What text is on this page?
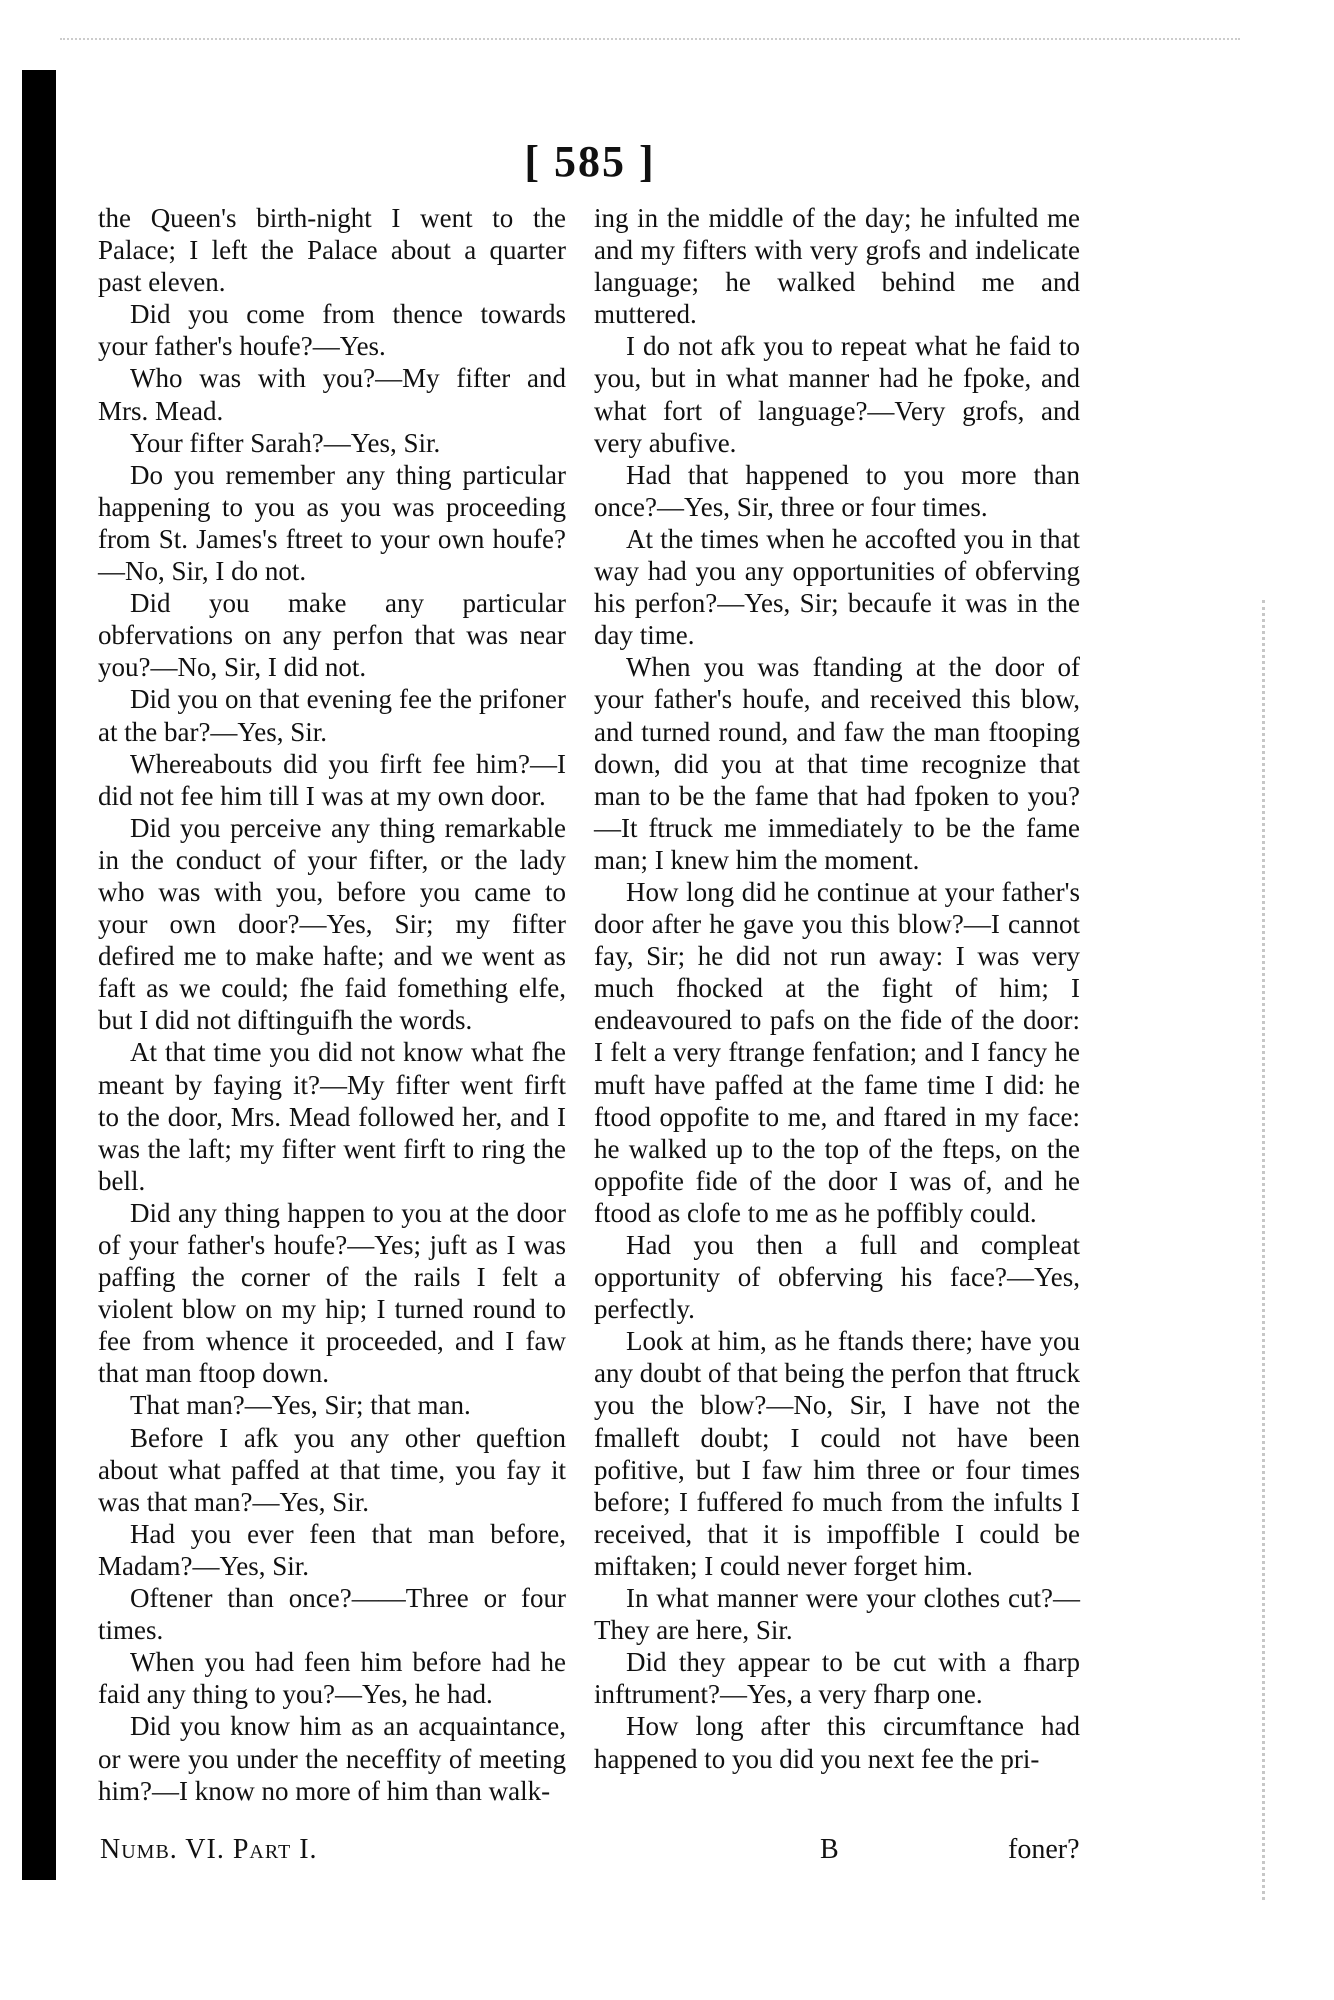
[ 585 ]

the Queen's birth-night I went to the Palace; I left the Palace about a quarter past eleven.

Did you come from thence towards your father's houfe?—Yes.

Who was with you?—My fifter and Mrs. Mead.

Your fifter Sarah?—Yes, Sir.

Do you remember any thing particular happening to you as you was proceeding from St. James's ftreet to your own houfe?—No, Sir, I do not.

Did you make any particular obfervations on any perfon that was near you?—No, Sir, I did not.

Did you on that evening fee the prifoner at the bar?—Yes, Sir.

Whereabouts did you firft fee him?—I did not fee him till I was at my own door.

Did you perceive any thing remarkable in the conduct of your fifter, or the lady who was with you, before you came to your own door?—Yes, Sir; my fifter defired me to make hafte; and we went as faft as we could; fhe faid fomething elfe, but I did not diftinguifh the words.

At that time you did not know what fhe meant by faying it?—My fifter went firft to the door, Mrs. Mead followed her, and I was the laft; my fifter went firft to ring the bell.

Did any thing happen to you at the door of your father's houfe?—Yes; juft as I was paffing the corner of the rails I felt a violent blow on my hip; I turned round to fee from whence it proceeded, and I faw that man ftoop down.

That man?—Yes, Sir; that man.

Before I afk you any other queftion about what paffed at that time, you fay it was that man?—Yes, Sir.

Had you ever feen that man before, Madam?—Yes, Sir.

Oftener than once?——Three or four times.

When you had feen him before had he faid any thing to you?—Yes, he had.

Did you know him as an acquaintance, or were you under the neceffity of meeting him?—I know no more of him than walk-

ing in the middle of the day; he infulted me and my fifters with very grofs and indelicate language; he walked behind me and muttered.

I do not afk you to repeat what he faid to you, but in what manner had he fpoke, and what fort of language?—Very grofs, and very abufive.

Had that happened to you more than once?—Yes, Sir, three or four times.

At the times when he accofted you in that way had you any opportunities of obferving his perfon?—Yes, Sir; becaufe it was in the day time.

When you was ftanding at the door of your father's houfe, and received this blow, and turned round, and faw the man ftooping down, did you at that time recognize that man to be the fame that had fpoken to you?—It ftruck me immediately to be the fame man; I knew him the moment.

How long did he continue at your father's door after he gave you this blow?—I cannot fay, Sir; he did not run away: I was very much fhocked at the fight of him; I endeavoured to pafs on the fide of the door: I felt a very ftrange fenfation; and I fancy he muft have paffed at the fame time I did: he ftood oppofite to me, and ftared in my face: he walked up to the top of the fteps, on the oppofite fide of the door I was of, and he ftood as clofe to me as he poffibly could.

Had you then a full and compleat opportunity of obferving his face?—Yes, perfectly.

Look at him, as he ftands there; have you any doubt of that being the perfon that ftruck you the blow?—No, Sir, I have not the fmalleft doubt; I could not have been pofitive, but I faw him three or four times before; I fuffered fo much from the infults I received, that it is impoffible I could be miftaken; I could never forget him.

In what manner were your clothes cut?—They are here, Sir.

Did they appear to be cut with a fharp inftrument?—Yes, a very fharp one.

How long after this circumftance had happened to you did you next fee the pri-

Numb. VI. Part I.	B	foner?
